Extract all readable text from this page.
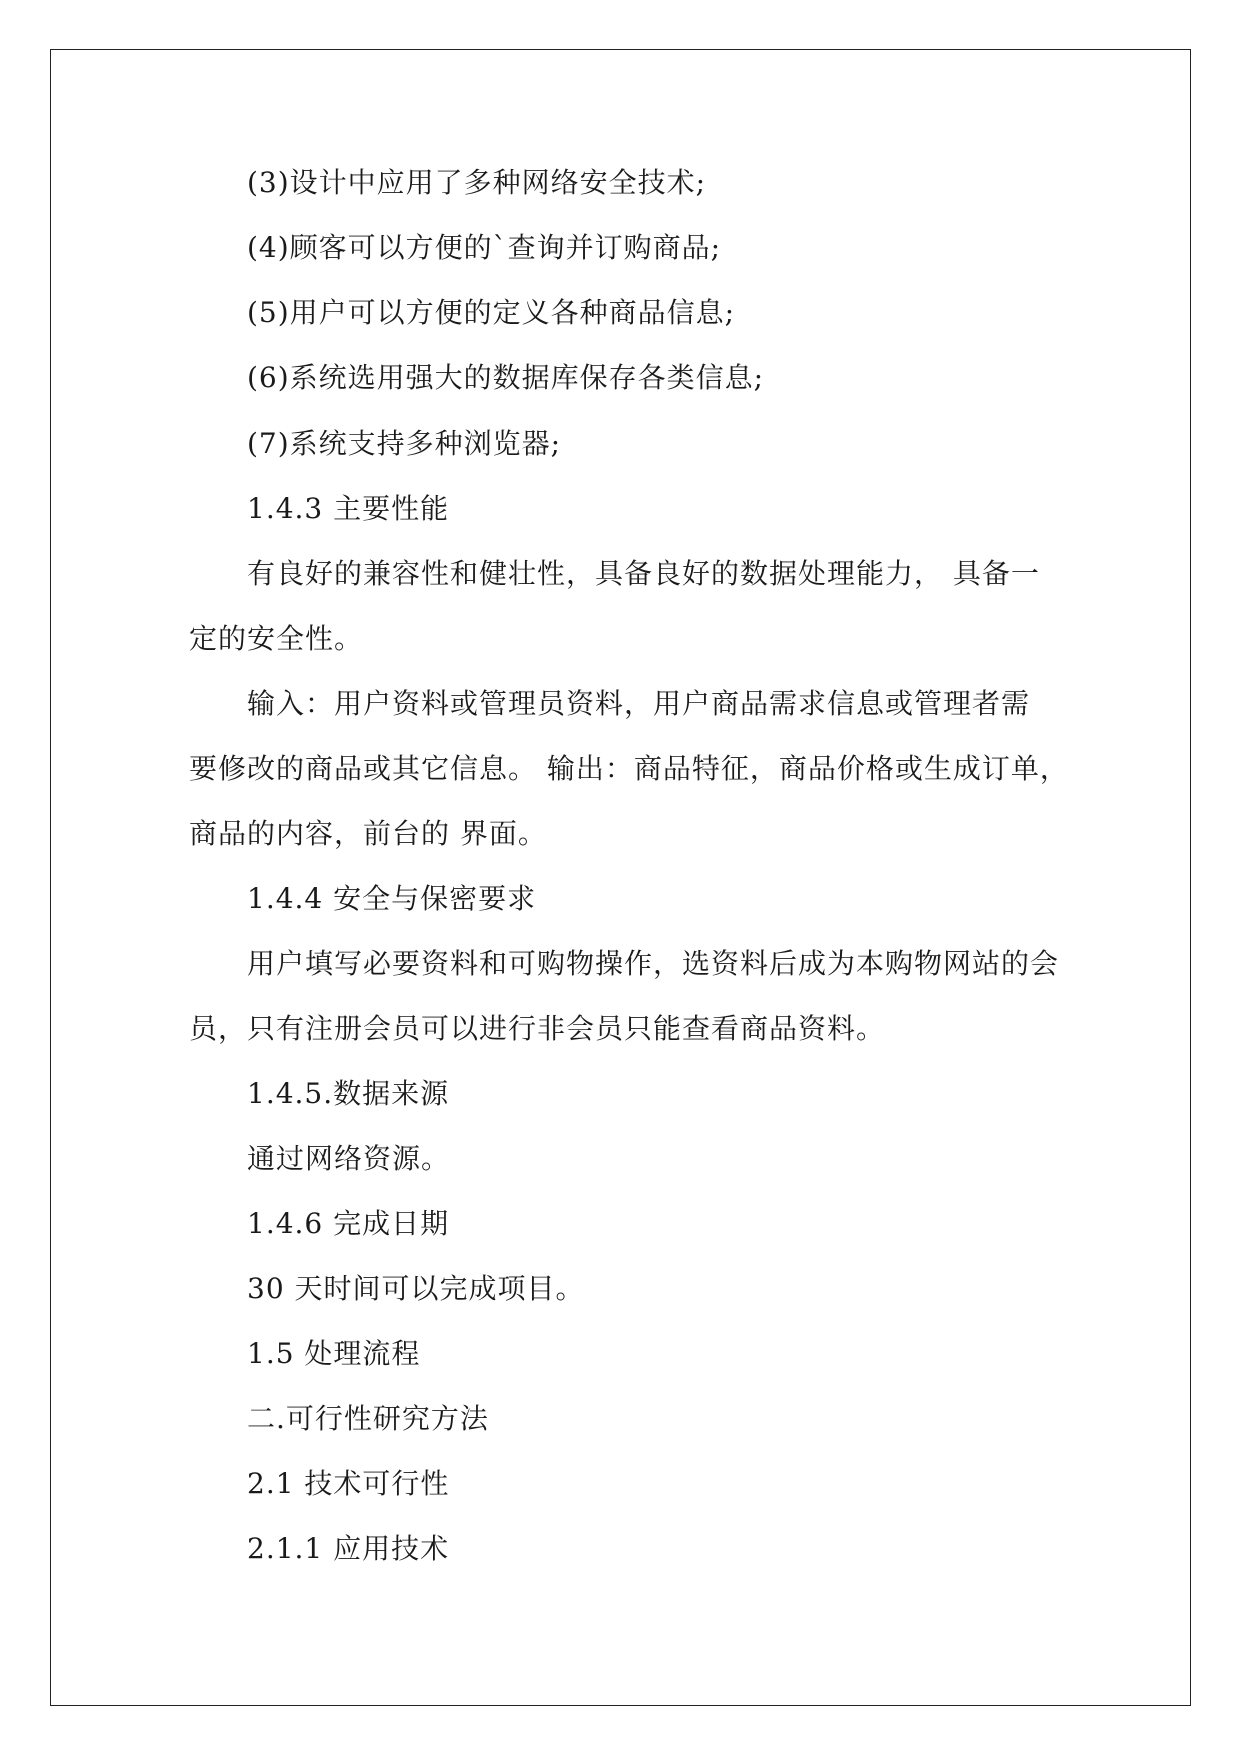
(3)设计中应用了多种网络安全技术;
(4)顾客可以方便的`查询并订购商品;
(5)用户可以方便的定义各种商品信息;
(6)系统选用强大的数据库保存各类信息;
(7)系统支持多种浏览器;
1.4.3 主要性能
有良好的兼容性和健壮性，具备良好的数据处理能力， 具备一
定的安全性。
输入：用户资料或管理员资料，用户商品需求信息或管理者需
要修改的商品或其它信息。 输出：商品特征，商品价格或生成订单，
商品的内容，前台的 界面。
1.4.4 安全与保密要求
用户填写必要资料和可购物操作，选资料后成为本购物网站的会
员，只有注册会员可以进行非会员只能查看商品资料。
1.4.5.数据来源
通过网络资源。
1.4.6 完成日期
30 天时间可以完成项目。
1.5 处理流程
二.可行性研究方法
2.1 技术可行性
2.1.1 应用技术
